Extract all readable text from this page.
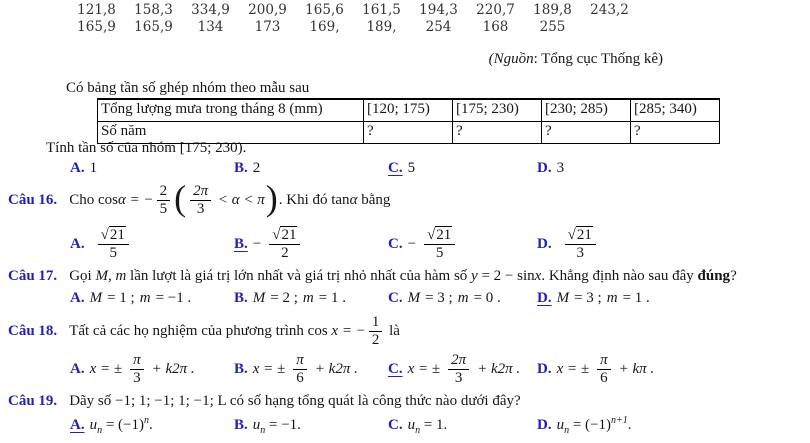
121,8	158,3	334,9	200,9	165,6	161,5	194,3	220,7	189,8	243,2
165,9	165,9	134	173	169,	189,	254	168	255
(Nguồn: Tổng cục Thống kê)
Có bảng tần số ghép nhóm theo mẫu sau
Tổng lượng mưa trong tháng 8 (mm)	[120; 175)	[175; 230)	[230; 285)	[285; 340)
Số năm	?	?	?	?
Tính tần số của nhóm [175; 230).
A. 1	B. 2	C. 5	D. 3
Câu 16. Cho cosα = − $\frac{2}{5}$ ( $\frac{2\pi}{3} < \alpha < \pi$). Khi đó tanα bằng
A. $\frac{√21}{5}$	B. − $\frac{√21}{2}$	C. − $\frac{√21}{5}$	D. $\frac{√21}{3}$
Câu 17. Gọi M, m lần lượt là giá trị lớn nhất và giá trị nhỏ nhất của hàm số y = 2 − sinx. Khẳng định nào sau đây đúng?
A. M = 1 ; m = −1 .	B. M = 2 ; m = 1 .	C. M = 3 ; m = 0 . D. M = 3 ; m = 1 .
Câu 18. Tất cả các họ nghiệm của phương trình cos x = − $\frac{1}{2}$ là
A. x = ± $\frac{\pi}{3} + k2\pi$ .	B. x = ± $\frac{\pi}{6} + k2\pi$ . C. x = ± $\frac{2\pi}{3} + k2\pi$ . D. x = ± $\frac{\pi}{6} + k\pi$ .
Câu 19. Dãy số −1; 1; −1; 1; −1; L có số hạng tổng quát là công thức nào dưới đây?
A. $u_n = (-1)^n$.	B. $u_n = -1$.	C. $u_n = 1$.	D. $u_n = (-1)^{n+1}$.
